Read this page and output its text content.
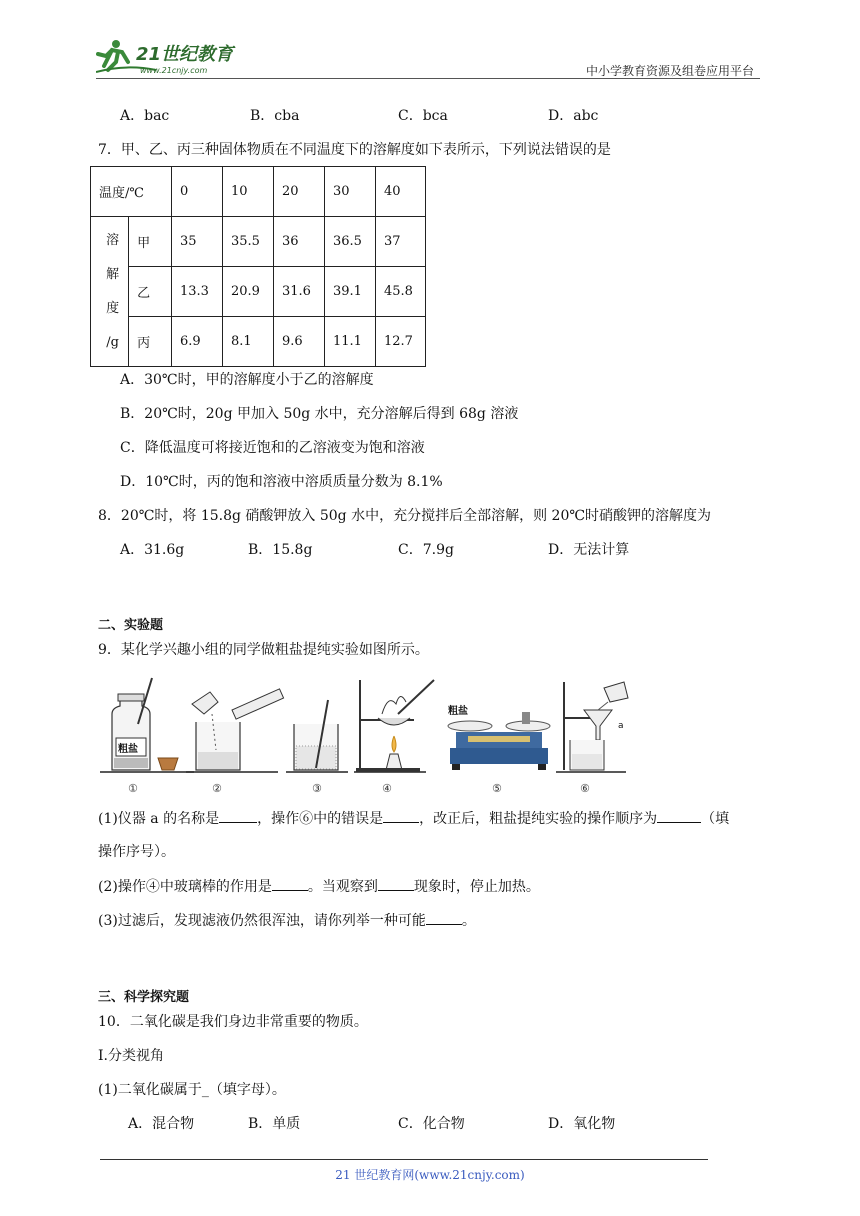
21世纪教育
www.21cnjy.com	中小学教育资源及组卷应用平台
A．bac	B．cba	C．bca	D．abc
7．甲、乙、丙三种固体物质在不同温度下的溶解度如下表所示，下列说法错误的是
温度/℃		0	10	20	30	40

溶
解
度
/g	甲	35	35.5	36	36.5	37
	乙	13.3	20.9	31.6	39.1	45.8
	丙	6.9	8.1	9.6	11.1	12.7
A．30℃时，甲的溶解度小于乙的溶解度
B．20℃时，20g 甲加入 50g 水中，充分溶解后得到 68g 溶液
C．降低温度可将接近饱和的乙溶液变为饱和溶液
D．10℃时，丙的饱和溶液中溶质质量分数为 8.1%
8．20℃时，将 15.8g 硝酸钾放入 50g 水中，充分搅拌后全部溶解，则 20℃时硝酸钾的溶解度为
A．31.6g	B．15.8g	C．7.9g	D．无法计算
二、实验题
9．某化学兴趣小组的同学做粗盐提纯实验如图所示。
粗盐
粗盐
a
①	②	③	④	⑤	⑥
(1)仪器 a 的名称是	，操作⑥中的错误是	，改正后，粗盐提纯实验的操作顺序为	（填
操作序号）。
(2)操作④中玻璃棒的作用是	。当观察到	现象时，停止加热。
(3)过滤后，发现滤液仍然很浑浊，请你列举一种可能	。
三、科学探究题
10．二氧化碳是我们身边非常重要的物质。
Ⅰ.分类视角
(1)二氧化碳属于_（填字母）。
A．混合物	B．单质	C．化合物	D．氧化物
21 世纪教育网(www.21cnjy.com)
